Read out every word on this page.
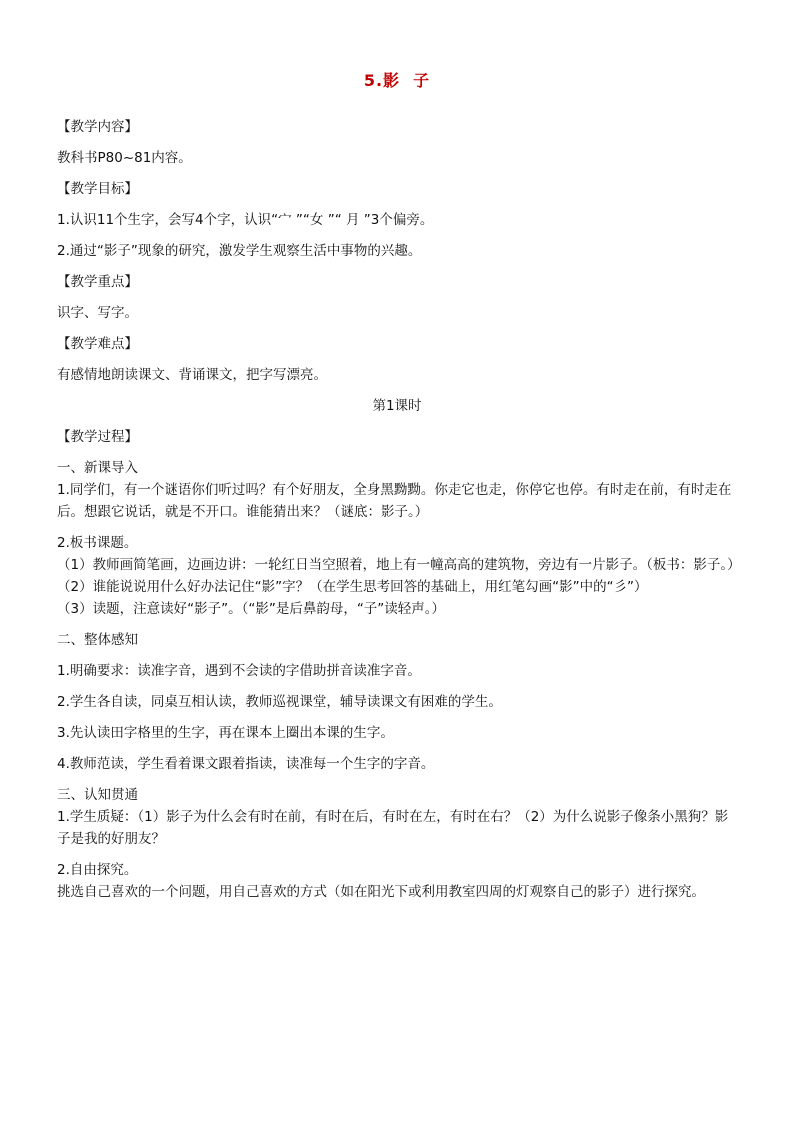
5.影  子

【教学内容】

教科书P80~81内容。

【教学目标】

1.认识11个生字，会写4个字，认识“宀 ”“女 ”“ 月 ”3个偏旁。

2.通过“影子”现象的研究，激发学生观察生活中事物的兴趣。

【教学重点】

识字、写字。

【教学难点】

有感情地朗读课文、背诵课文，把字写漂亮。

第1课时

【教学过程】

一、新课导入

1.同学们，有一个谜语你们听过吗？有个好朋友，全身黑黝黝。你走它也走，你停它也停。有时走在前，有时走在后。想跟它说话，就是不开口。谁能猜出来？（谜底：影子。）

2.板书课题。

（1）教师画简笔画，边画边讲：一轮红日当空照着，地上有一幢高高的建筑物，旁边有一片影子。（板书：影子。）

（2）谁能说说用什么好办法记住“影”字？（在学生思考回答的基础上，用红笔勾画“影”中的“彡”）

（3）读题，注意读好“影子”。（“影”是后鼻韵母，“子”读轻声。）

二、整体感知

1.明确要求：读准字音，遇到不会读的字借助拼音读准字音。

2.学生各自读，同桌互相认读，教师巡视课堂，辅导读课文有困难的学生。

3.先认读田字格里的生字，再在课本上圈出本课的生字。

4.教师范读，学生看着课文跟着指读，读准每一个生字的字音。

三、认知贯通

1.学生质疑：（1）影子为什么会有时在前，有时在后，有时在左，有时在右？（2）为什么说影子像条小黑狗？影子是我的好朋友？

2.自由探究。

挑选自己喜欢的一个问题，用自己喜欢的方式（如在阳光下或利用教室四周的灯观察自己的影子）进行探究。
